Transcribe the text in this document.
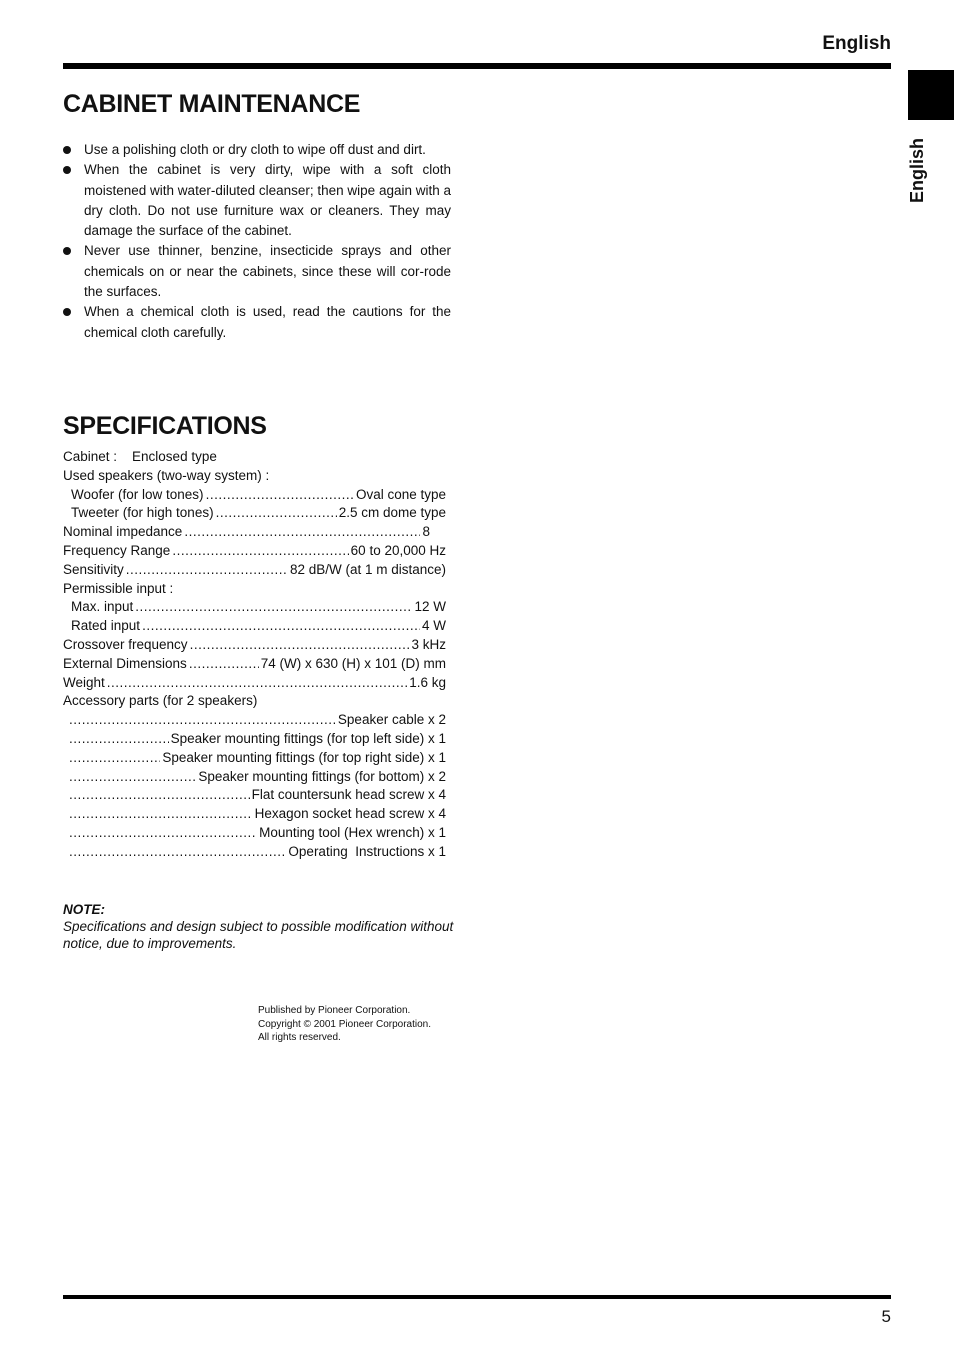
English
English
CABINET MAINTENANCE
Use a polishing cloth or dry cloth to wipe off dust and dirt.
When the cabinet is very dirty, wipe with a soft cloth moistened with water-diluted cleanser; then wipe again with a dry cloth. Do not use furniture wax or cleaners. They may damage the surface of the cabinet.
Never use thinner, benzine, insecticide sprays and other chemicals on or near the cabinets, since these will cor-rode the surfaces.
When a chemical cloth is used, read the cautions for the chemical cloth carefully.
SPECIFICATIONS
Cabinet :    Enclosed type
Used speakers (two-way system) :
Woofer (for low tones) .....	Oval cone type
Tweeter (for high tones) .....	2.5 cm dome type
Nominal impedance .....	8
Frequency Range .....	60 to 20,000 Hz
Sensitivity .....	82 dB/W (at 1 m distance)
Permissible input :
Max. input .....	12 W
Rated input .....	4 W
Crossover frequency .....	3 kHz
External Dimensions .....	74 (W) x 630 (H) x 101 (D) mm
Weight .....	1.6 kg
Accessory parts (for 2 speakers)
.....
Speaker cable x 2
.....
Speaker mounting fittings (for top left side) x 1
.....
Speaker mounting fittings (for top right side) x 1
.....
Speaker mounting fittings (for bottom) x 2
.....
Flat countersunk head screw x 4
.....
Hexagon socket head screw x 4
.....
Mounting tool (Hex wrench) x 1
.....
Operating  Instructions x 1
NOTE:
Specifications and design subject to possible modification without notice, due to improvements.
Published by Pioneer Corporation.
Copyright © 2001 Pioneer Corporation.
All rights reserved.
5
